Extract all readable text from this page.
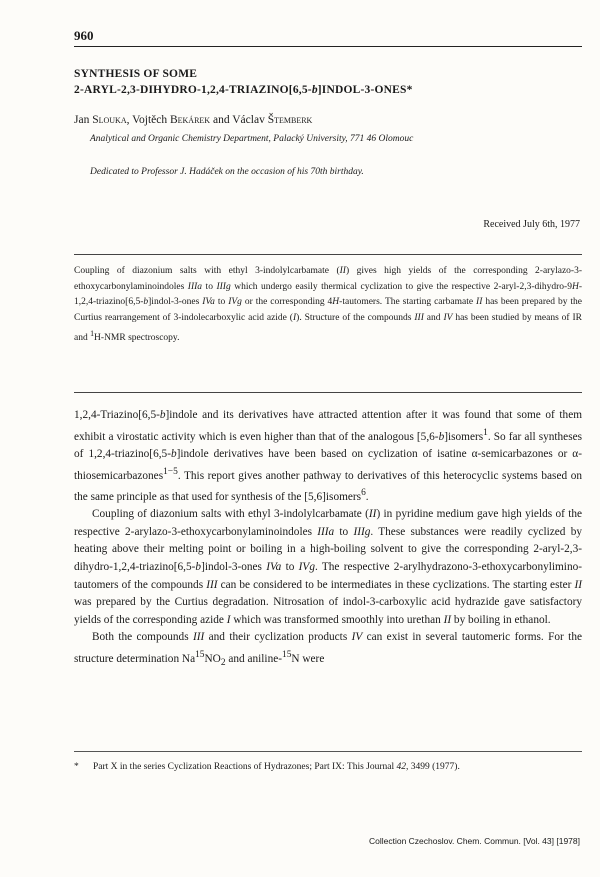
960
SYNTHESIS OF SOME
2-ARYL-2,3-DIHYDRO-1,2,4-TRIAZINO[6,5-b]INDOL-3-ONES*
Jan Slouka, Vojtěch Bekárek and Václav Štemberk
Analytical and Organic Chemistry Department, Palacký University, 771 46 Olomouc
Dedicated to Professor J. Hadáček on the occasion of his 70th birthday.
Received July 6th, 1977
Coupling of diazonium salts with ethyl 3-indolylcarbamate (II) gives high yields of the corresponding 2-arylazo-3-ethoxycarbonylaminoindoles IIIa to IIIg which undergo easily thermical cyclization to give the respective 2-aryl-2,3-dihydro-9H-1,2,4-triazino[6,5-b]indol-3-ones IVa to IVg or the corresponding 4H-tautomers. The starting carbamate II has been prepared by the Curtius rearrangement of 3-indolecarboxylic acid azide (I). Structure of the compounds III and IV has been studied by means of IR and $^1$H-NMR spectroscopy.

1,2,4-Triazino[6,5-b]indole and its derivatives have attracted attention after it was found that some of them exhibit a virostatic activity which is even higher than that of the analogous [5,6-b]isomers$^1$. So far all syntheses of 1,2,4-triazino[6,5-b]indole derivatives have been based on cyclization of isatine α-semicarbazones or α-thiosemicarbazones$^{1-5}$. This report gives another pathway to derivatives of this heterocyclic systems based on the same principle as that used for synthesis of the [5,6]isomers$^6$.

Coupling of diazonium salts with ethyl 3-indolylcarbamate (II) in pyridine medium gave high yields of the respective 2-arylazo-3-ethoxycarbonylaminoindoles IIIa to IIIg. These substances were readily cyclized by heating above their melting point or boiling in a high-boiling solvent to give the corresponding 2-aryl-2,3-dihydro-1,2,4-triazino[6,5-b]indol-3-ones IVa to IVg. The respective 2-arylhydrazono-3-ethoxycarbonylimino-tautomers of the compounds III can be considered to be intermediates in these cyclizations. The starting ester II was prepared by the Curtius degradation. Nitrosation of indol-3-carboxylic acid hydrazide gave satisfactory yields of the corresponding azide I which was transformed smoothly into urethan II by boiling in ethanol.

Both the compounds III and their cyclization products IV can exist in several tautomeric forms. For the structure determination $Na^{15}NO_2$ and aniline-$^{15}$N were

* Part X in the series Cyclization Reactions of Hydrazones; Part IX: This Journal 42, 3499 (1977).
Collection Czechoslov. Chem. Commun. [Vol. 43] [1978]
